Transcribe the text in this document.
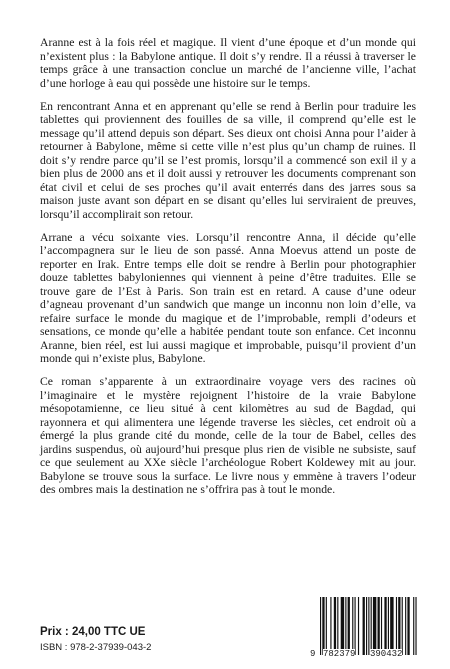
Aranne est à la fois réel et magique. Il vient d’une époque et d’un monde qui n’existent plus : la Babylone antique. Il doit s’y rendre. Il a réussi à traverser le temps grâce à une transaction conclue un marché de l’ancienne ville, l’achat d’une horloge à eau qui possède une histoire sur le temps.

En rencontrant Anna et en apprenant qu’elle se rend à Berlin pour traduire les tablettes qui proviennent des fouilles de sa ville, il comprend qu’elle est le message qu’il attend depuis son départ. Ses dieux ont choisi Anna pour l’aider à retourner à Babylone, même si cette ville n’est plus qu’un champ de ruines. Il doit s’y rendre parce qu’il se l’est promis, lorsqu’il a commencé son exil il y a bien plus de 2000 ans et il doit aussi y retrouver les documents comprenant son état civil et celui de ses proches qu’il avait enterrés dans des jarres sous sa maison juste avant son départ en se disant qu’elles lui serviraient de preuves, lorsqu’il accomplirait son retour.

Arrane a vécu soixante vies. Lorsqu’il rencontre Anna, il décide qu’elle l’accompagnera sur le lieu de son passé. Anna Moevus attend un poste de reporter en Irak. Entre temps elle doit se rendre à Berlin pour photographier douze tablettes babyloniennes qui viennent à peine d’être traduites. Elle se trouve gare de l’Est à Paris. Son train est en retard. A cause d’une odeur d’agneau provenant d’un sandwich que mange un inconnu non loin d’elle, va refaire surface le monde du magique et de l’improbable, rempli d’odeurs et sensations, ce monde qu’elle a habitée pendant toute son enfance. Cet inconnu Aranne, bien réel, est lui aussi magique et improbable, puisqu’il provient d’un monde qui n’existe plus, Babylone.

Ce roman s’apparente à un extraordinaire voyage vers des racines où l’imaginaire et le mystère rejoignent l’histoire de la vraie Babylone mésopotamienne, ce lieu situé à cent kilomètres au sud de Bagdad, qui rayonnera et qui alimentera une légende traverse les siècles, cet endroit où a émergé la plus grande cité du monde, celle de la tour de Babel, celles des jardins suspendus, où aujourd’hui presque plus rien de visible ne subsiste, sauf ce que seulement au XXe siècle l’archéologue Robert Koldewey mit au jour. Babylone se trouve sous la surface. Le livre nous y emmène à travers l’odeur des ombres mais la destination ne s’offrira pas à tout le monde.

Prix : 24,00 TTC UE
ISBN : 978-2-37939-043-2
9 782379 390432
